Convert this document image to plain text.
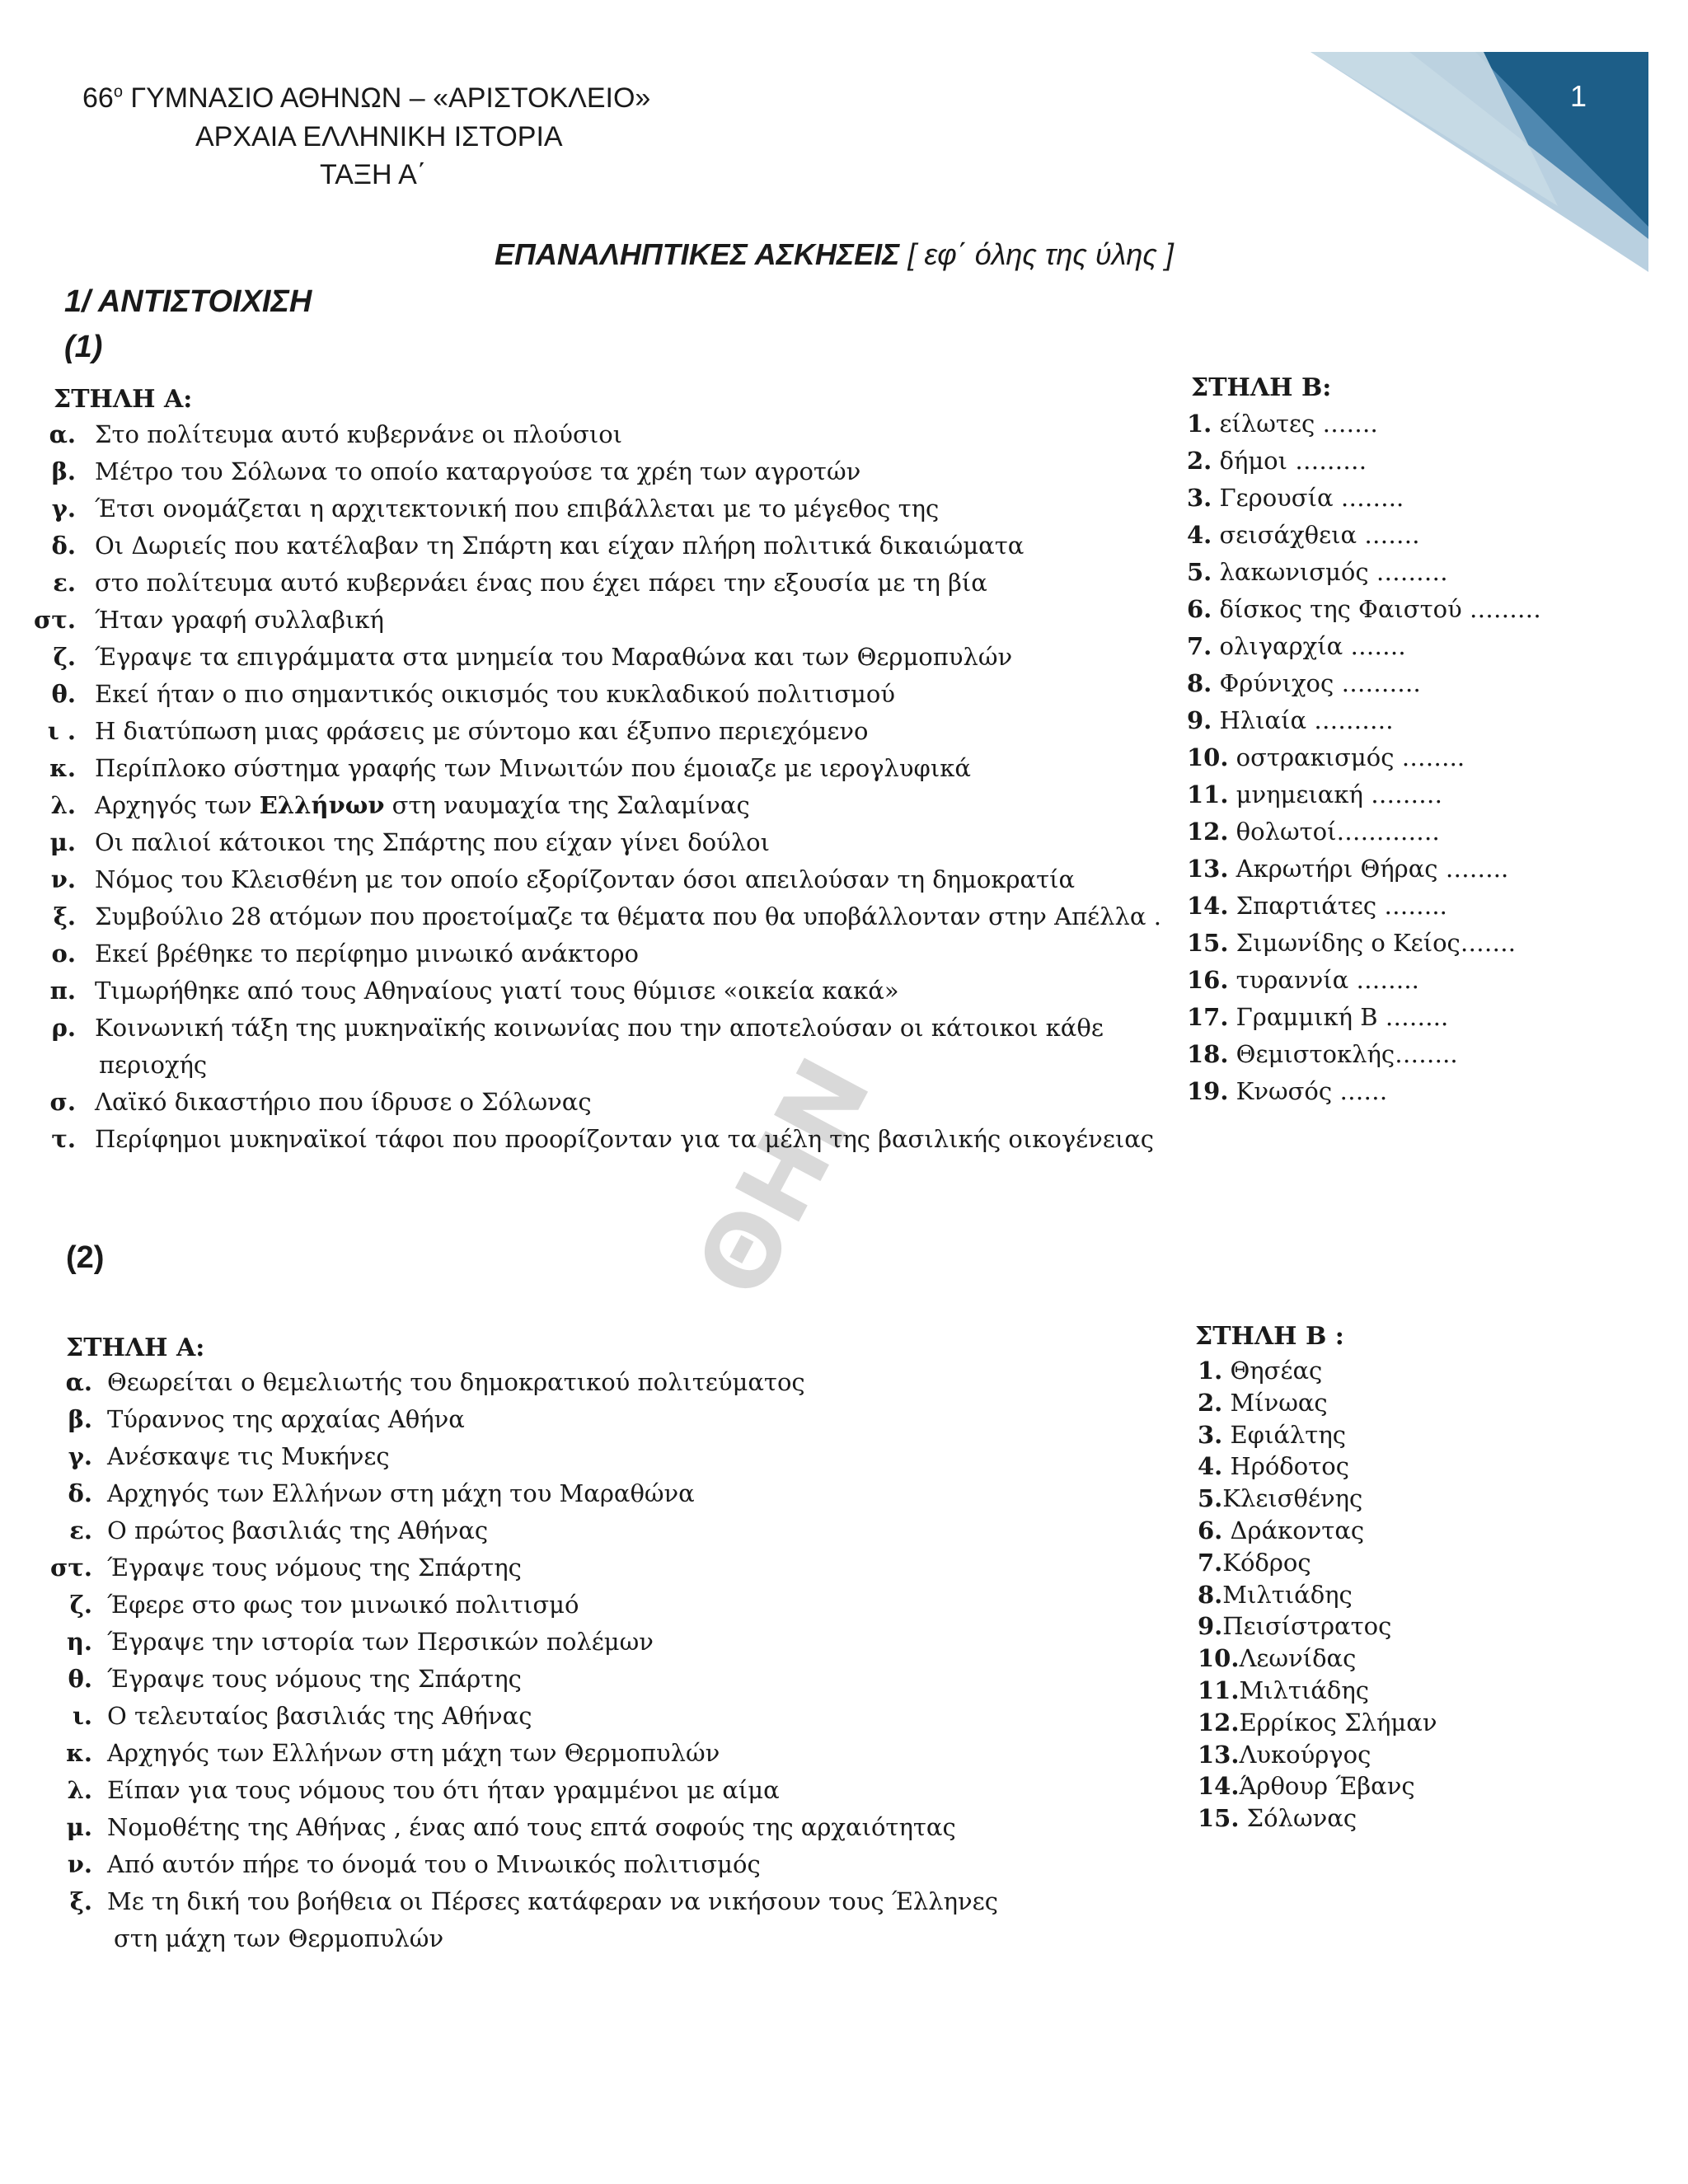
1
ΘΗΝ
$66^o$ ΓΥΜΝΑΣΙΟ ΑΘΗΝΩΝ – «ΑΡΙΣΤΟΚΛΕΙΟ»
ΑΡΧΑΙΑ ΕΛΛΗΝΙΚΗ ΙΣΤΟΡΙΑ
ΤΑΞΗ Α΄
ΕΠΑΝΑΛΗΠΤΙΚΕΣ ΑΣΚΗΣΕΙΣ [ εφ΄ όλης της ύλης ]
1/ ΑΝΤΙΣΤΟΙΧΙΣΗ
(1)
ΣΤΗΛΗ Α:
α. Στο πολίτευμα αυτό κυβερνάνε οι πλούσιοι
β. Μέτρο του Σόλωνα το οποίο καταργούσε τα χρέη των αγροτών
γ. Έτσι ονομάζεται η αρχιτεκτονική που επιβάλλεται με το μέγεθος της
δ. Οι Δωριείς που κατέλαβαν τη Σπάρτη και είχαν πλήρη πολιτικά δικαιώματα
ε. στο πολίτευμα αυτό κυβερνάει ένας που έχει πάρει την εξουσία με τη βία
στ. Ήταν γραφή συλλαβική
ζ. Έγραψε τα επιγράμματα στα μνημεία του Μαραθώνα και των Θερμοπυλών
θ. Εκεί ήταν ο πιο σημαντικός οικισμός του κυκλαδικού πολιτισμού
ι . Η διατύπωση μιας φράσεις με σύντομο και έξυπνο περιεχόμενο
κ. Περίπλοκο σύστημα γραφής των Μινωιτών που έμοιαζε με ιερογλυφικά
λ. Αρχηγός των Ελλήνων στη ναυμαχία της Σαλαμίνας
μ. Οι παλιοί κάτοικοι της Σπάρτης που είχαν γίνει δούλοι
ν. Νόμος του Κλεισθένη με τον οποίο εξορίζονταν όσοι απειλούσαν τη δημοκρατία
ξ. Συμβούλιο 28 ατόμων που προετοίμαζε τα θέματα που θα υποβάλλονταν στην Απέλλα .
ο. Εκεί βρέθηκε το περίφημο μινωικό ανάκτορο
π. Τιμωρήθηκε από τους Αθηναίους γιατί τους θύμισε «οικεία κακά»
ρ. Κοινωνική τάξη της μυκηναϊκής κοινωνίας που την αποτελούσαν οι κάτοικοι κάθε
περιοχής
σ. Λαϊκό δικαστήριο που ίδρυσε ο Σόλωνας
τ. Περίφημοι μυκηναϊκοί τάφοι που προορίζονταν για τα μέλη της βασιλικής οικογένειας
ΣΤΗΛΗ Β:
1. είλωτες …….
2. δήμοι ………
3. Γερουσία ……..
4. σεισάχθεια …….
5. λακωνισμός ………
6. δίσκος της Φαιστού ………
7. ολιγαρχία …….
8. Φρύνιχος ……….
9. Ηλιαία ……….
10. οστρακισμός ……..
11. μνημειακή ………
12. θολωτοί………….
13. Ακρωτήρι Θήρας ……..
14. Σπαρτιάτες ……..
15. Σιμωνίδης ο Κείος…….
16. τυραννία ……..
17. Γραμμική Β ……..
18. Θεμιστοκλής……..
19. Κνωσός ……
(2)
ΣΤΗΛΗ Α:
α. Θεωρείται ο θεμελιωτής του δημοκρατικού πολιτεύματος
β. Τύραννος της αρχαίας Αθήνα
γ. Ανέσκαψε τις Μυκήνες
δ. Αρχηγός των Ελλήνων στη μάχη του Μαραθώνα
ε. Ο πρώτος βασιλιάς της Αθήνας
στ. Έγραψε τους νόμους της Σπάρτης
ζ. Έφερε στο φως τον μινωικό πολιτισμό
η. Έγραψε την ιστορία των Περσικών πολέμων
θ. Έγραψε τους νόμους της Σπάρτης
ι. Ο τελευταίος βασιλιάς της Αθήνας
κ. Αρχηγός των Ελλήνων στη μάχη των Θερμοπυλών
λ. Είπαν για τους νόμους του ότι ήταν γραμμένοι με αίμα
μ. Νομοθέτης της Αθήνας , ένας από τους επτά σοφούς της αρχαιότητας
ν. Από αυτόν πήρε το όνομά του ο Μινωικός πολιτισμός
ξ. Με τη δική του βοήθεια οι Πέρσες κατάφεραν να νικήσουν τους Έλληνες
στη μάχη των Θερμοπυλών
ΣΤΗΛΗ Β :
1. Θησέας
2. Μίνωας
3. Εφιάλτης
4. Ηρόδοτος
5.Κλεισθένης
6. Δράκοντας
7.Κόδρος
8.Μιλτιάδης
9.Πεισίστρατος
10.Λεωνίδας
11.Μιλτιάδης
12.Ερρίκος Σλήμαν
13.Λυκούργος
14.Άρθουρ Έβανς
15. Σόλωνας
